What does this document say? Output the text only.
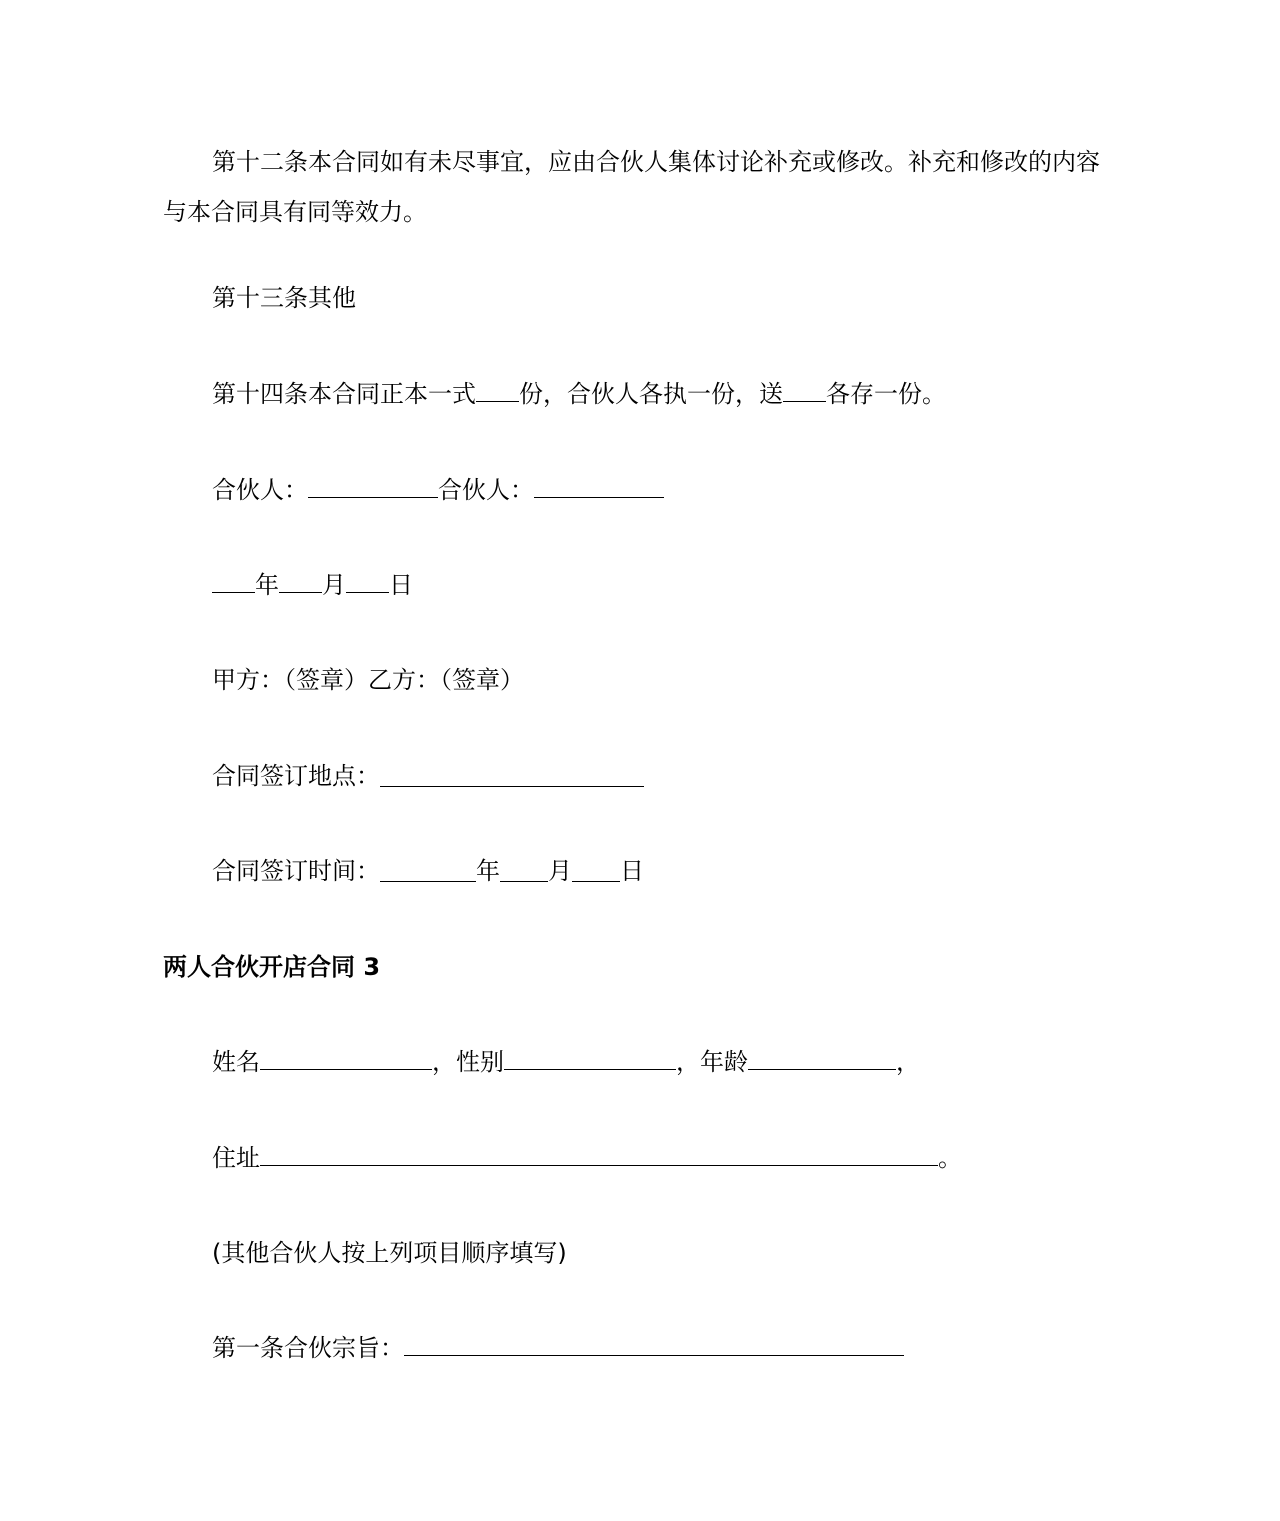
第十二条本合同如有未尽事宜，应由合伙人集体讨论补充或修改。补充和修改的内容与本合同具有同等效力。

第十三条其他

第十四条本合同正本一式 份，合伙人各执一份，送 各存一份。

合伙人：	合伙人：

年 月 日

甲方：（签章）乙方：（签章）

合同签订地点：＿＿＿＿＿＿＿＿＿＿＿

合同签订时间：＿＿＿＿年＿＿月＿＿日

两人合伙开店合同 3

姓名	，性别	，年龄	，

住址	。

(其他合伙人按上列项目顺序填写)

第一条合伙宗旨：
